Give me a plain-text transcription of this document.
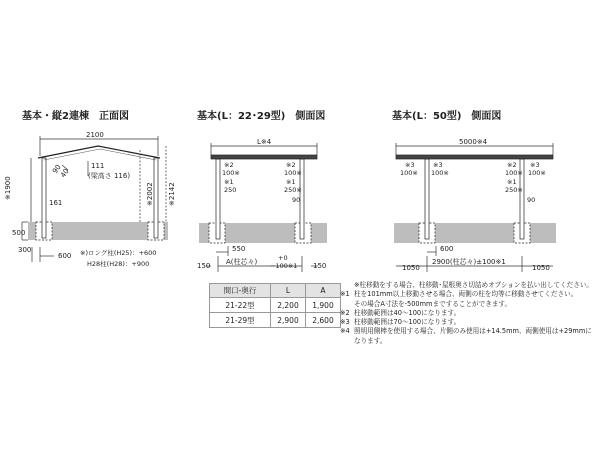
基本・縦2連棟　正面図	基本(L：22･29型)　側面図	基本(L：50型)　側面図
2100
※1900	※2002 ※2142
161
111
(梁高さ 116)
40
90
500
300
600 ※)ロング柱(H25)：+600
H28柱(H28)：+900
L※4
※2
100※
※1
250
※2
100※
※1
250※
90
550
150	150
A(柱芯々)	+0
−100※1
5000※4
※3
100※
※3
100※
※2
100※
※1
250※
※3
100※
90
600
1050	1050
2900(柱芯々)±100※1
間口-奥行	L	A
21-22型	2,200	1,900
21-29型	2,900	2,600
※柱移動をする場合、柱移動･屋根奥さ切詰めオプションを払い出してください。
※1 柱を101mm以上移動させる場合、両側の柱を均等に移動させてください。
その場合A寸法を-500mmまですることができます。
※2 柱移動範囲は40～100になります。
※3 柱移動範囲は70～100になります。
※4 照明用側棒を使用する場合、片側のみ使用は+14.5mm、両側使用は+29mmになります。
